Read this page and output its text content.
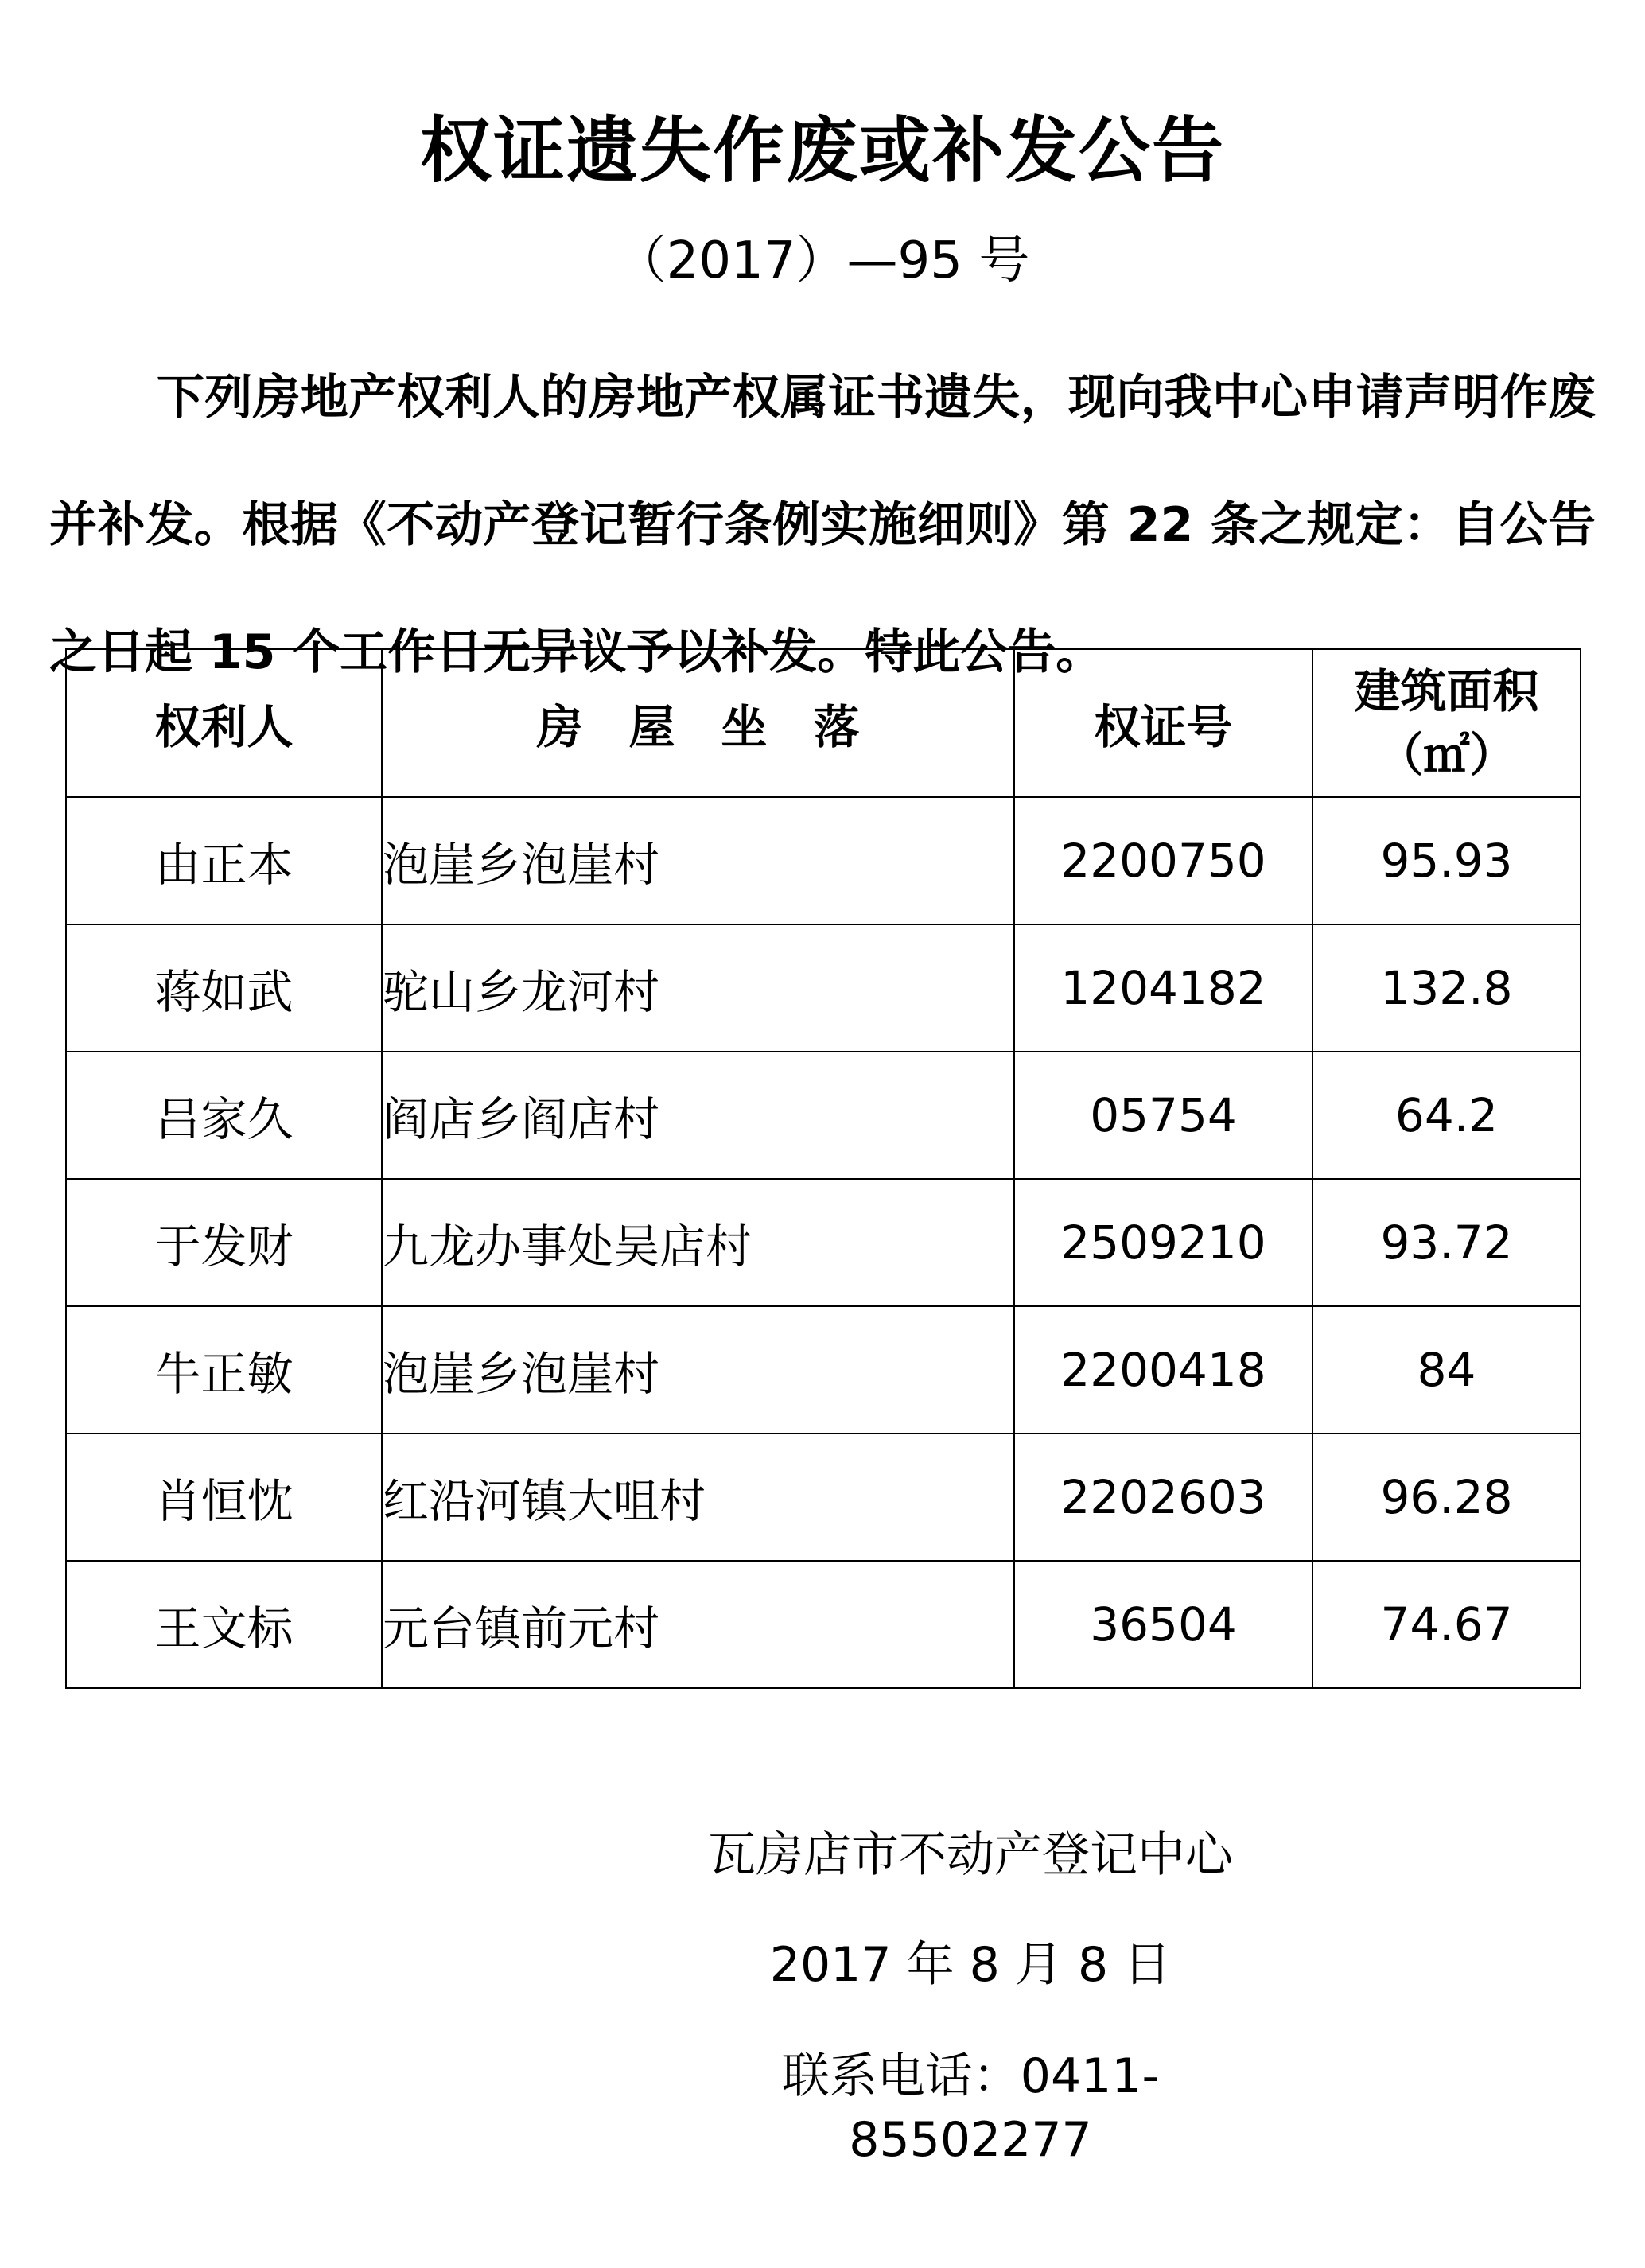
权证遗失作废或补发公告
（2017）—95 号

下列房地产权利人的房地产权属证书遗失，现向我中心申请声明作废并补发。根据《不动产登记暂行条例实施细则》第 22 条之规定：自公告之日起 15 个工作日无异议予以补发。特此公告。

权利人	房　屋　坐　落	权证号	建筑面积
（㎡）

由正本	泡崖乡泡崖村	2200750	95.93
蒋如武	驼山乡龙河村	1204182	132.8
吕家久	阎店乡阎店村	05754	64.2
于发财	九龙办事处吴店村	2509210	93.72
牛正敏	泡崖乡泡崖村	2200418	84
肖恒忱	红沿河镇大咀村	2202603	96.28
王文标	元台镇前元村	36504	74.67
瓦房店市不动产登记中心
2017 年 8 月 8 日
联系电话：0411-85502277
